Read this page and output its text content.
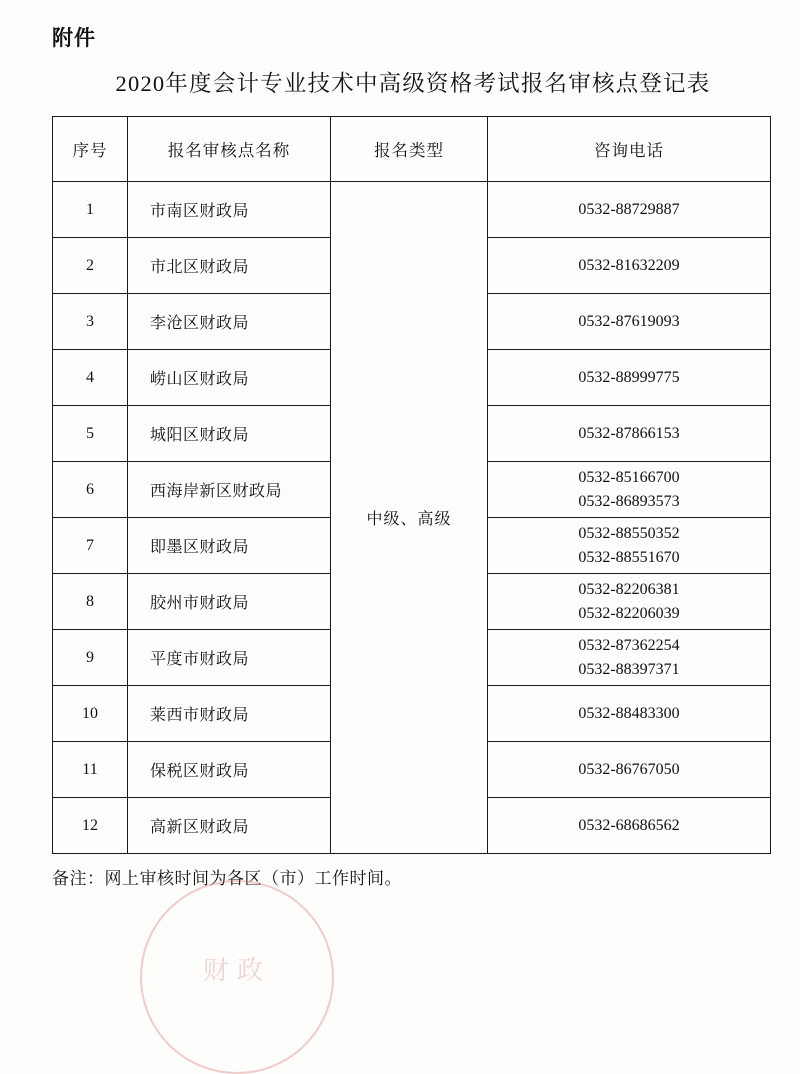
附件
2020年度会计专业技术中高级资格考试报名审核点登记表
序号	报名审核点名称	报名类型	咨询电话
1	市南区财政局	中级、高级	0532-88729887

2	市北区财政局		0532-81632209

3	李沧区财政局		0532-87619093

4	崂山区财政局		0532-88999775

5	城阳区财政局		0532-87866153

6	西海岸新区财政局		0532-85166700
0532-86893573

7	即墨区财政局		0532-88550352
0532-88551670

8	胶州市财政局		0532-82206381
0532-82206039

9	平度市财政局		0532-87362254
0532-88397371

10	莱西市财政局		0532-88483300

11	保税区财政局		0532-86767050

12	高新区财政局		0532-68686562
备注：网上审核时间为各区（市）工作时间。
财政
